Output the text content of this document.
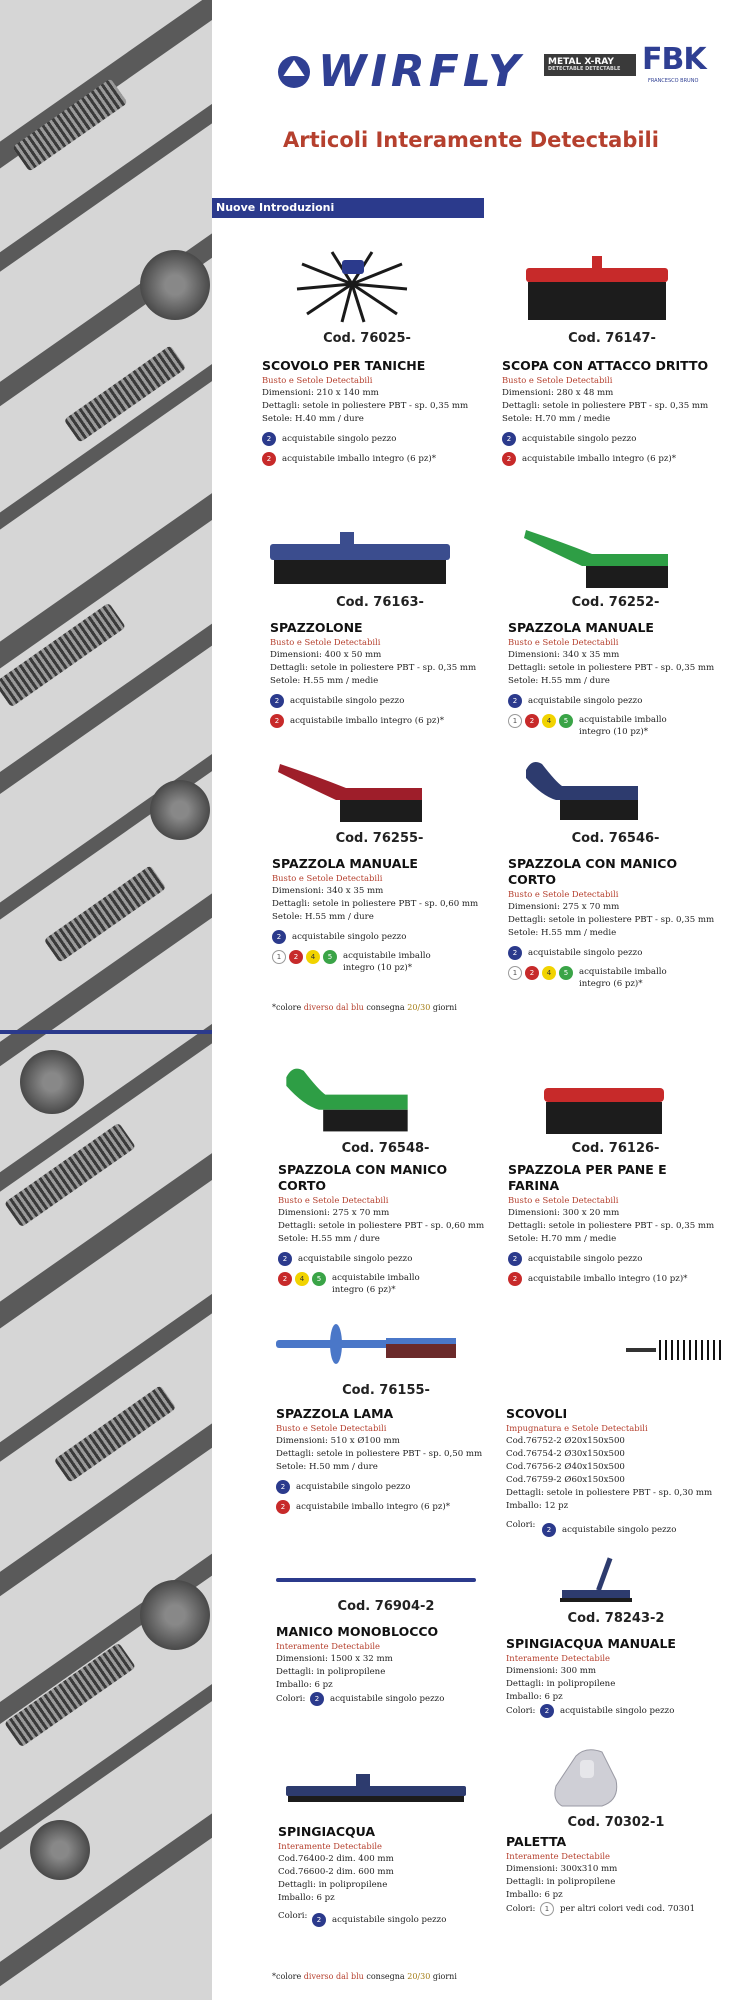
WIRFLY	METAL X-RAY
DETECTABLE DETECTABLE FBK
FRANCESCO BRUNO
Articoli Interamente Detectabili
Nuove Introduzioni
Cod. 76025-
SCOVOLO PER TANICHE
Busto e Setole Detectabili
Dimensioni: 210 x 140 mm
Dettagli: setole in poliestere PBT - sp. 0,35 mm
Setole: H.40 mm / dure
2	acquistabile singolo pezzo
2	acquistabile imballo integro (6 pz)*
Cod. 76147-
SCOPA CON ATTACCO DRITTO
Busto e Setole Detectabili
Dimensioni: 280 x 48 mm
Dettagli: setole in poliestere PBT - sp. 0,35 mm
Setole: H.70 mm / medie
2	acquistabile singolo pezzo
2	acquistabile imballo integro (6 pz)*
Cod. 76163-
SPAZZOLONE
Busto e Setole Detectabili
Dimensioni: 400 x 50 mm
Dettagli: setole in poliestere PBT - sp. 0,35 mm
Setole: H.55 mm / medie
2	acquistabile singolo pezzo
2	acquistabile imballo integro (6 pz)*
Cod. 76252-
SPAZZOLA MANUALE
Busto e Setole Detectabili
Dimensioni: 340 x 35 mm
Dettagli: setole in poliestere PBT - sp. 0,35 mm
Setole: H.55 mm / dure
2	acquistabile singolo pezzo
1	2	4	5	acquistabile imballo
integro (10 pz)*
Cod. 76255-
SPAZZOLA MANUALE
Busto e Setole Detectabili
Dimensioni: 340 x 35 mm
Dettagli: setole in poliestere PBT - sp. 0,60 mm
Setole: H.55 mm / dure
2	acquistabile singolo pezzo
1	2	4	5	acquistabile imballo
integro (10 pz)*
Cod. 76546-
SPAZZOLA CON MANICO
CORTO
Busto e Setole Detectabili
Dimensioni: 275 x 70 mm
Dettagli: setole in poliestere PBT - sp. 0,35 mm
Setole: H.55 mm / medie
2	acquistabile singolo pezzo
1	2	4	5	acquistabile imballo
integro (6 pz)*
*colore diverso dal blu consegna 20/30 giorni
Cod. 76548-
SPAZZOLA CON MANICO
CORTO
Busto e Setole Detectabili
Dimensioni: 275 x 70 mm
Dettagli: setole in poliestere PBT - sp. 0,60 mm
Setole: H.55 mm / dure
2	acquistabile singolo pezzo
2	4	5	acquistabile imballo
integro (6 pz)*
Cod. 76126-
SPAZZOLA PER PANE E
FARINA
Busto e Setole Detectabili
Dimensioni: 300 x 20 mm
Dettagli: setole in poliestere PBT - sp. 0,35 mm
Setole: H.70 mm / medie
2	acquistabile singolo pezzo
2	acquistabile imballo integro (10 pz)*
Cod. 76155-
SPAZZOLA LAMA
Busto e Setole Detectabili
Dimensioni: 510 x Ø100 mm
Dettagli: setole in poliestere PBT - sp. 0,50 mm
Setole: H.50 mm / dure
2	acquistabile singolo pezzo
2	acquistabile imballo integro (6 pz)*
SCOVOLI
Impugnatura e Setole Detectabili
Cod.76752-2 Ø20x150x500
Cod.76754-2 Ø30x150x500
Cod.76756-2 Ø40x150x500
Cod.76759-2 Ø60x150x500
Dettagli: setole in poliestere PBT - sp. 0,30 mm
Imballo: 12 pz
Colori:	2	acquistabile singolo pezzo
Cod. 76904-2
MANICO MONOBLOCCO
Interamente Detectabile
Dimensioni: 1500 x 32 mm
Dettagli: in polipropilene
Imballo: 6 pz
Colori:	2	acquistabile singolo pezzo
Cod. 78243-2
SPINGIACQUA MANUALE
Interamente Detectabile
Dimensioni: 300 mm
Dettagli: in polipropilene
Imballo: 6 pz
Colori:	2	acquistabile singolo pezzo
SPINGIACQUA
Interamente Detectabile
Cod.76400-2 dim. 400 mm
Cod.76600-2 dim. 600 mm
Dettagli: in polipropilene
Imballo: 6 pz
Colori:	2	acquistabile singolo pezzo
Cod. 70302-1
PALETTA
Interamente Detectabile
Dimensioni: 300x310 mm
Dettagli: in polipropilene
Imballo: 6 pz
Colori:	1	per altri colori vedi cod. 70301
*colore diverso dal blu consegna 20/30 giorni
